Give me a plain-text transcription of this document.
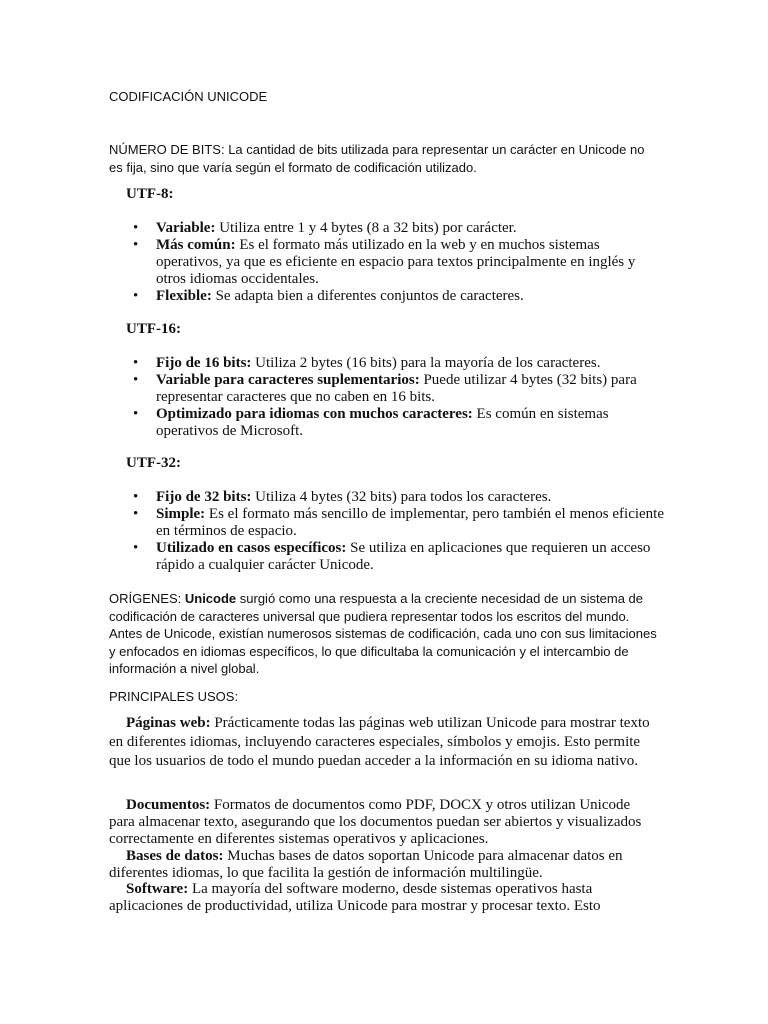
CODIFICACIÓN UNICODE

NÚMERO DE BITS: La cantidad de bits utilizada para representar un carácter en Unicode no es fija, sino que varía según el formato de codificación utilizado.

UTF-8:

• Variable: Utiliza entre 1 y 4 bytes (8 a 32 bits) por carácter.
• Más común: Es el formato más utilizado en la web y en muchos sistemas operativos, ya que es eficiente en espacio para textos principalmente en inglés y otros idiomas occidentales.
• Flexible: Se adapta bien a diferentes conjuntos de caracteres.

UTF-16:

• Fijo de 16 bits: Utiliza 2 bytes (16 bits) para la mayoría de los caracteres.
• Variable para caracteres suplementarios: Puede utilizar 4 bytes (32 bits) para representar caracteres que no caben en 16 bits.
• Optimizado para idiomas con muchos caracteres: Es común en sistemas operativos de Microsoft.

UTF-32:

• Fijo de 32 bits: Utiliza 4 bytes (32 bits) para todos los caracteres.
• Simple: Es el formato más sencillo de implementar, pero también el menos eficiente en términos de espacio.
• Utilizado en casos específicos: Se utiliza en aplicaciones que requieren un acceso rápido a cualquier carácter Unicode.

ORÍGENES: Unicode surgió como una respuesta a la creciente necesidad de un sistema de codificación de caracteres universal que pudiera representar todos los escritos del mundo. Antes de Unicode, existían numerosos sistemas de codificación, cada uno con sus limitaciones y enfocados en idiomas específicos, lo que dificultaba la comunicación y el intercambio de información a nivel global.

PRINCIPALES USOS:

Páginas web: Prácticamente todas las páginas web utilizan Unicode para mostrar texto en diferentes idiomas, incluyendo caracteres especiales, símbolos y emojis. Esto permite que los usuarios de todo el mundo puedan acceder a la información en su idioma nativo.

Documentos: Formatos de documentos como PDF, DOCX y otros utilizan Unicode para almacenar texto, asegurando que los documentos puedan ser abiertos y visualizados correctamente en diferentes sistemas operativos y aplicaciones.

Bases de datos: Muchas bases de datos soportan Unicode para almacenar datos en diferentes idiomas, lo que facilita la gestión de información multilingüe.

Software: La mayoría del software moderno, desde sistemas operativos hasta aplicaciones de productividad, utiliza Unicode para mostrar y procesar texto. Esto
